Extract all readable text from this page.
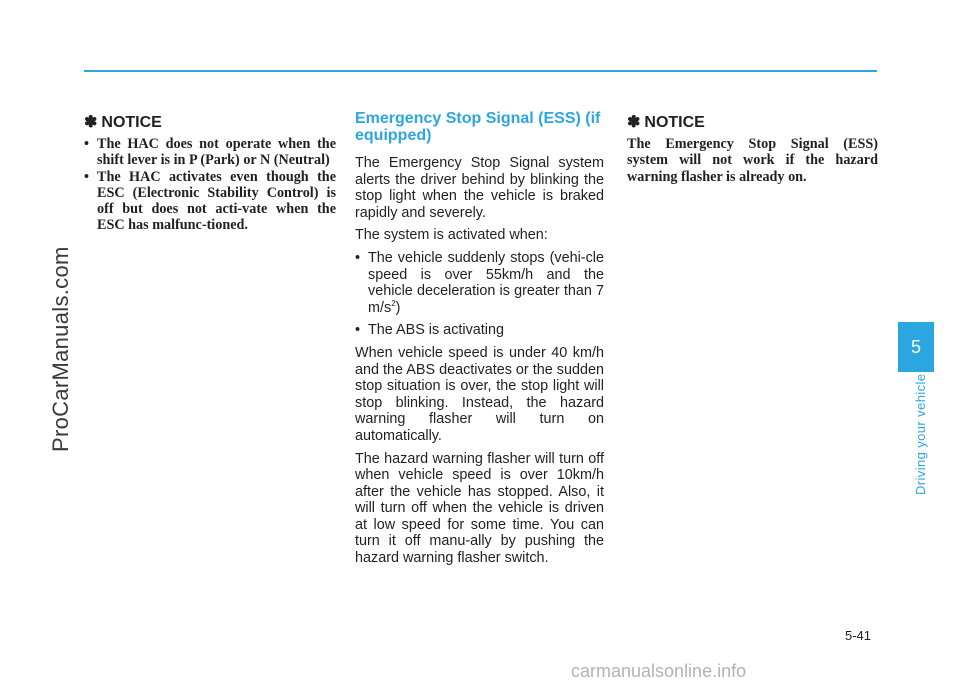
ProCarManuals.com
✽ NOTICE
• The HAC does not operate when the shift lever is in P (Park) or N (Neutral)
• The HAC activates even though the ESC (Electronic Stability Control) is off but does not acti-vate when the ESC has malfunc-tioned.
Emergency Stop Signal (ESS) (if equipped)

The Emergency Stop Signal system alerts the driver behind by blinking the stop light when the vehicle is braked rapidly and severely.

The system is activated when:

• The vehicle suddenly stops (vehi-cle speed is over 55km/h and the vehicle deceleration is greater than 7 $m/s^2$)
• The ABS is activating

When vehicle speed is under 40 km/h and the ABS deactivates or the sudden stop situation is over, the stop light will stop blinking. Instead, the hazard warning flasher will turn on automatically.

The hazard warning flasher will turn off when vehicle speed is over 10km/h after the vehicle has stopped. Also, it will turn off when the vehicle is driven at low speed for some time. You can turn it off manu-ally by pushing the hazard warning flasher switch.

✽ NOTICE

The Emergency Stop Signal (ESS) system will not work if the hazard warning flasher is already on.

5
Driving your vehicle
5-41
carmanualsonline.info
